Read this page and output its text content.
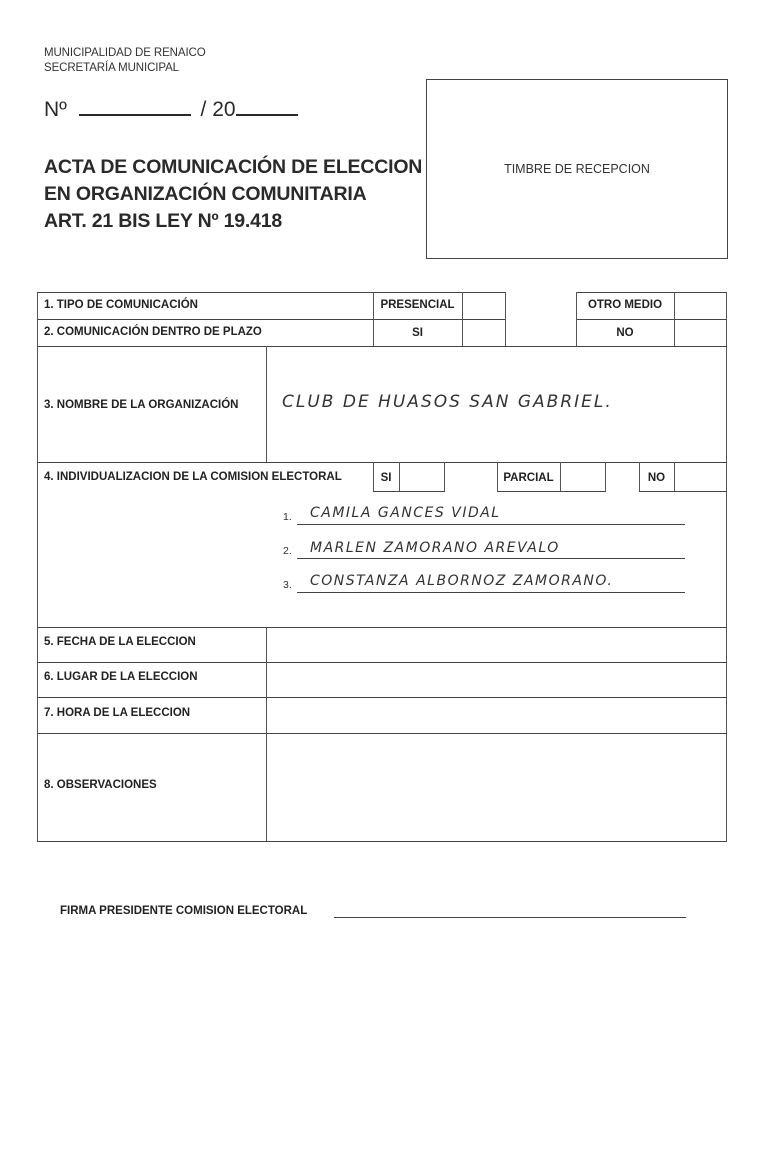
MUNICIPALIDAD DE RENAICO
SECRETARÍA MUNICIPAL
Nº	/ 20
ACTA DE COMUNICACIÓN DE ELECCION
EN ORGANIZACIÓN COMUNITARIA
ART. 21 BIS LEY Nº 19.418
TIMBRE DE RECEPCION
1. TIPO DE COMUNICACIÓN	PRESENCIAL	OTRO MEDIO
2. COMUNICACIÓN DENTRO DE PLAZO	SI	NO
3. NOMBRE DE LA ORGANIZACIÓN	CLUB DE HUASOS SAN GABRIEL.
4. INDIVIDUALIZACION DE LA COMISION ELECTORAL	SI	PARCIAL	NO
1. CAMILA GANCES VIDAL
2. MARLEN ZAMORANO AREVALO
3. CONSTANZA ALBORNOZ ZAMORANO.
5. FECHA DE LA ELECCION
6. LUGAR DE LA ELECCION
7. HORA DE LA ELECCION
8. OBSERVACIONES
FIRMA PRESIDENTE COMISION ELECTORAL
